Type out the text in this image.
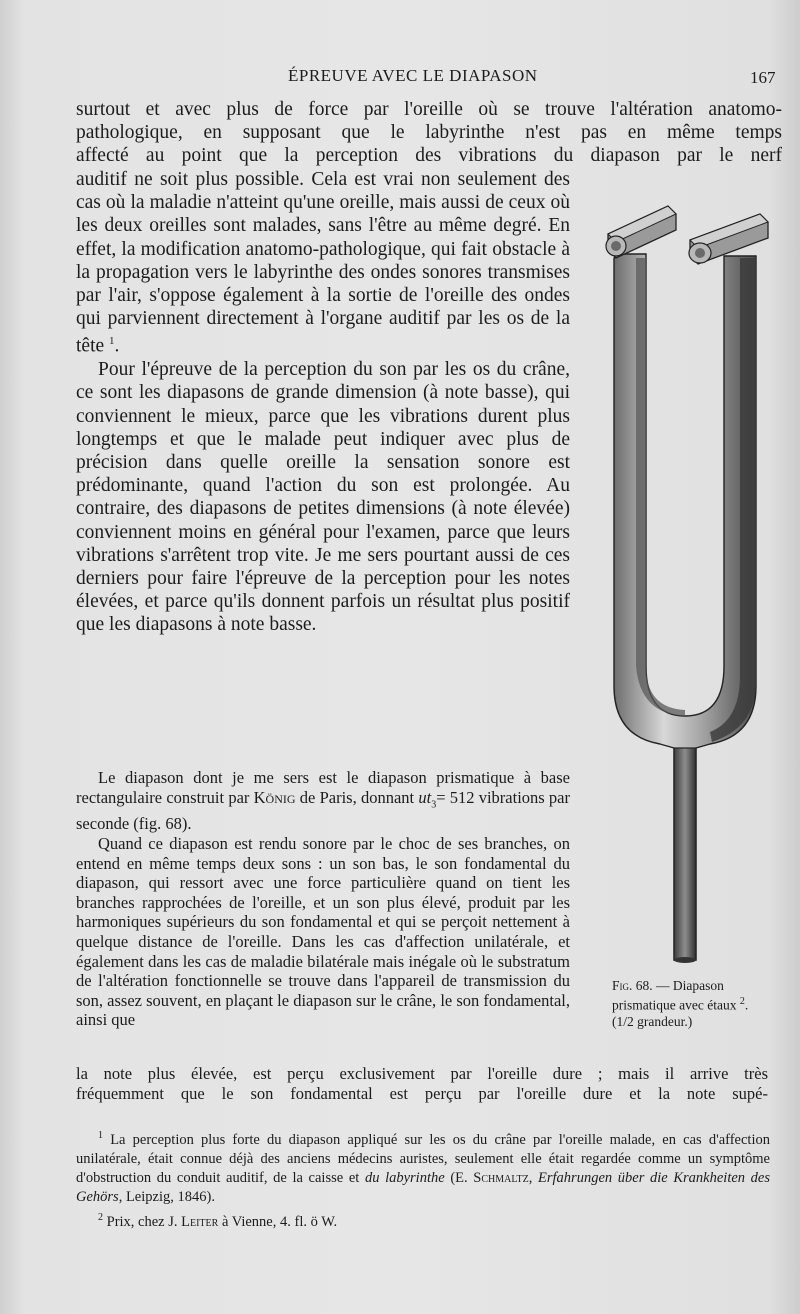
ÉPREUVE AVEC LE DIAPASON	167

surtout et avec plus de force par l'oreille où se trouve l'altération anatomo-

pathologique, en supposant que le labyrinthe n'est pas en même temps

affecté au point que la perception des vibrations du diapason par le nerf

auditif ne soit plus possible. Cela est vrai non seulement des cas où la maladie n'atteint qu'une oreille, mais aussi de ceux où les deux oreilles sont malades, sans l'être au même degré. En effet, la modification anatomo-pathologique, qui fait obstacle à la propagation vers le labyrinthe des ondes sonores transmises par l'air, s'oppose également à la sortie de l'oreille des ondes qui parviennent directement à l'organe auditif par les os de la tête $^1$.

Pour l'épreuve de la perception du son par les os du crâne, ce sont les diapasons de grande dimension (à note basse), qui conviennent le mieux, parce que les vibrations durent plus longtemps et que le malade peut indiquer avec plus de précision dans quelle oreille la sensation sonore est prédominante, quand l'action du son est prolongée. Au contraire, des diapasons de petites dimensions (à note élevée) conviennent moins en général pour l'examen, parce que leurs vibrations s'arrêtent trop vite. Je me sers pourtant aussi de ces derniers pour faire l'épreuve de la perception pour les notes élevées, et parce qu'ils donnent parfois un résultat plus positif que les diapasons à note basse.

Le diapason dont je me sers est le diapason prismatique à base rectangulaire construit par König de Paris, donnant $ut_3= 512$ vibrations par seconde (fig. 68).

Quand ce diapason est rendu sonore par le choc de ses branches, on entend en même temps deux sons : un son bas, le son fondamental du diapason, qui ressort avec une force particulière quand on tient les branches rapprochées de l'oreille, et un son plus élevé, produit par les harmoniques supérieurs du son fondamental et qui se perçoit nettement à quelque distance de l'oreille. Dans les cas d'affection unilatérale, et également dans les cas de maladie bilatérale mais inégale où le substratum de l'altération fonctionnelle se trouve dans l'appareil de transmission du son, assez souvent, en plaçant le diapason sur le crâne, le son fondamental, ainsi que

la note plus élevée, est perçu exclusivement par l'oreille dure ; mais il arrive très

fréquemment que le son fondamental est perçu par l'oreille dure et la note supé-

Fig. 68. — Diapason prismatique avec étaux $^2$.
(1/2 grandeur.)

$^1$ La perception plus forte du diapason appliqué sur les os du crâne par l'oreille malade, en cas d'affection unilatérale, était connue déjà des anciens médecins auristes, seulement elle était regardée comme un symptôme d'obstruction du conduit auditif, de la caisse et du labyrinthe (E. Schmaltz, Erfahrungen über die Krankheiten des Gehörs, Leipzig, 1846).

$^2$ Prix, chez J. Leiter à Vienne, 4. fl. ö W.
